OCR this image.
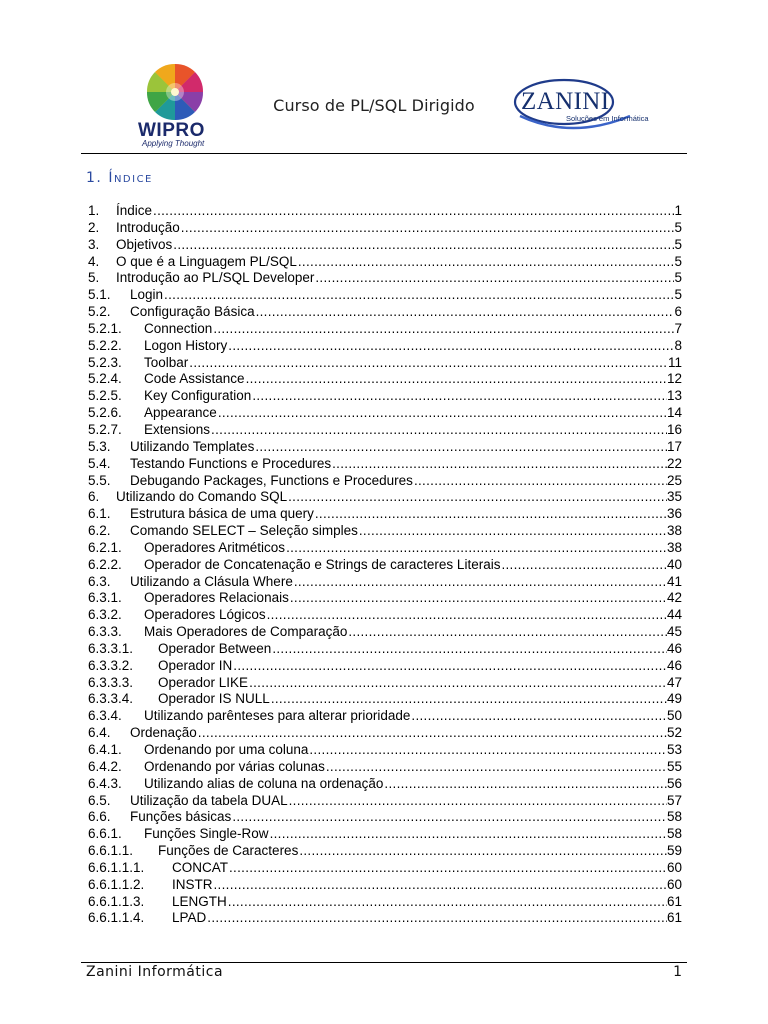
WIPRO
Applying Thought
Curso de PL/SQL Dirigido	ZANINI
Soluções em Informática
1. Índice
1. Índice .....	1
2. Introdução .....	5
3. Objetivos .....	5
4. O que é a Linguagem PL/SQL .....	5
5. Introdução ao PL/SQL Developer .....	5
5.1. Login .....	5
5.2. Configuração Básica .....	6
5.2.1. Connection .....	7
5.2.2. Logon History .....	8
5.2.3. Toolbar .....	11
5.2.4. Code Assistance .....	12
5.2.5. Key Configuration .....	13
5.2.6. Appearance .....	14
5.2.7. Extensions .....	16
5.3. Utilizando Templates .....	17
5.4. Testando Functions e Procedures .....	22
5.5. Debugando Packages, Functions e Procedures .....	25
6. Utilizando do Comando SQL .....	35
6.1. Estrutura básica de uma query .....	36
6.2. Comando SELECT – Seleção simples .....	38
6.2.1. Operadores Aritméticos .....	38
6.2.2. Operador de Concatenação e Strings de caracteres Literais .....	40
6.3. Utilizando a Clásula Where .....	41
6.3.1. Operadores Relacionais .....	42
6.3.2. Operadores Lógicos .....	44
6.3.3. Mais Operadores de Comparação .....	45
6.3.3.1. Operador Between .....	46
6.3.3.2. Operador IN .....	46
6.3.3.3. Operador LIKE .....	47
6.3.3.4. Operador IS NULL .....	49
6.3.4. Utilizando parênteses para alterar prioridade .....	50
6.4. Ordenação .....	52
6.4.1. Ordenando por uma coluna .....	53
6.4.2. Ordenando por várias colunas .....	55
6.4.3. Utilizando alias de coluna na ordenação .....	56
6.5. Utilização da tabela DUAL .....	57
6.6. Funções básicas .....	58
6.6.1. Funções Single-Row .....	58
6.6.1.1. Funções de Caracteres .....	59
6.6.1.1.1. CONCAT .....	60
6.6.1.1.2. INSTR .....	60
6.6.1.1.3. LENGTH .....	61
6.6.1.1.4. LPAD .....	61
Zanini Informática	1
